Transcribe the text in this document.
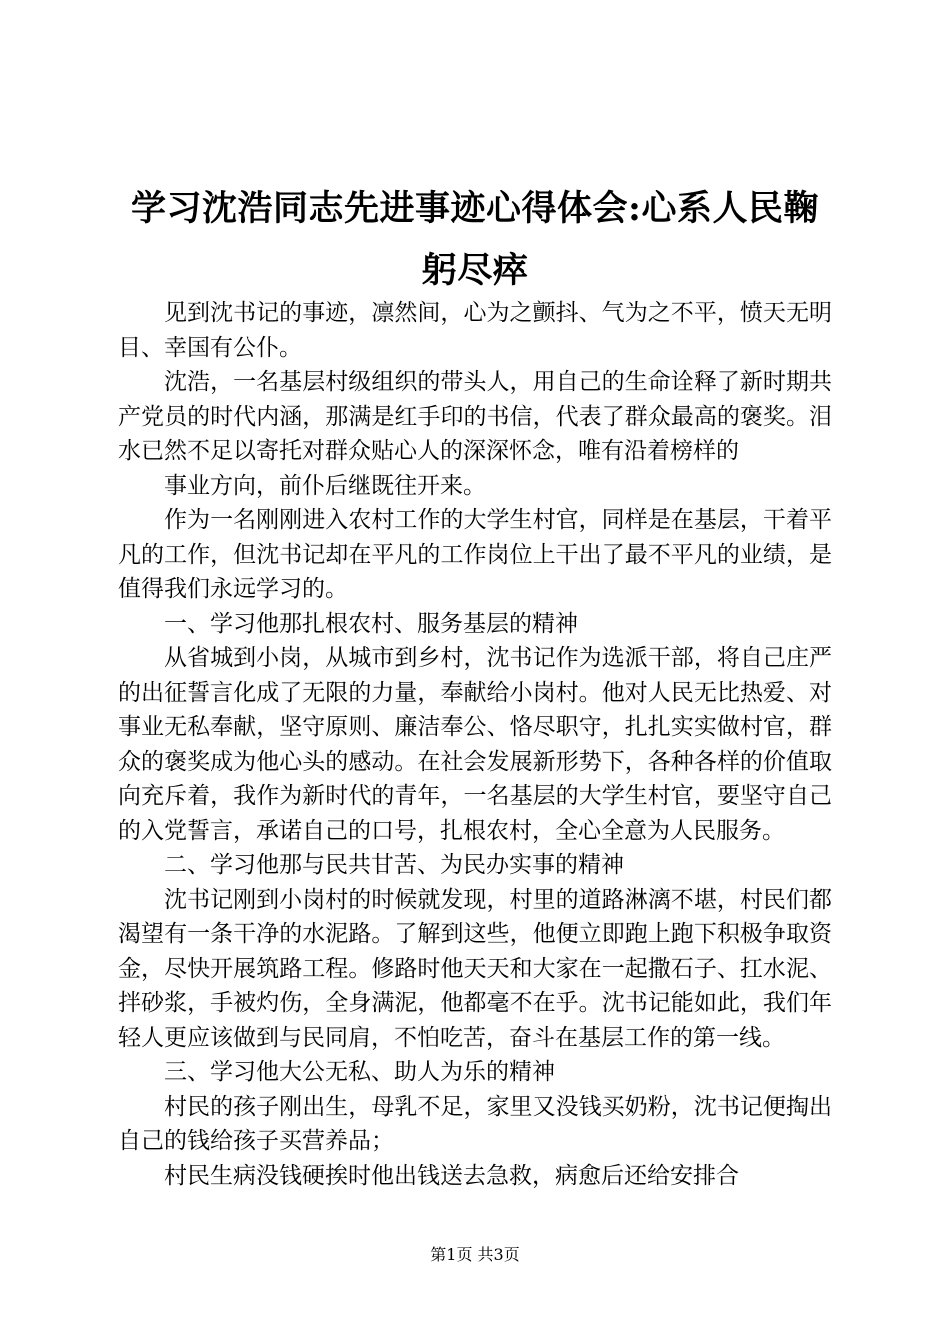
学习沈浩同志先进事迹心得体会:心系人民鞠躬尽瘁

见到沈书记的事迹，凛然间，心为之颤抖、气为之不平，愤天无明目、幸国有公仆。

沈浩，一名基层村级组织的带头人，用自己的生命诠释了新时期共产党员的时代内涵，那满是红手印的书信，代表了群众最高的褒奖。泪水已然不足以寄托对群众贴心人的深深怀念，唯有沿着榜样的

事业方向，前仆后继既往开来。

作为一名刚刚进入农村工作的大学生村官，同样是在基层，干着平凡的工作，但沈书记却在平凡的工作岗位上干出了最不平凡的业绩，是值得我们永远学习的。

一、学习他那扎根农村、服务基层的精神

从省城到小岗，从城市到乡村，沈书记作为选派干部，将自己庄严的出征誓言化成了无限的力量，奉献给小岗村。他对人民无比热爱、对事业无私奉献，坚守原则、廉洁奉公、恪尽职守，扎扎实实做村官，群众的褒奖成为他心头的感动。在社会发展新形势下，各种各样的价值取向充斥着，我作为新时代的青年，一名基层的大学生村官，要坚守自己的入党誓言，承诺自己的口号，扎根农村，全心全意为人民服务。

二、学习他那与民共甘苦、为民办实事的精神

沈书记刚到小岗村的时候就发现，村里的道路淋漓不堪，村民们都渴望有一条干净的水泥路。了解到这些，他便立即跑上跑下积极争取资金，尽快开展筑路工程。修路时他天天和大家在一起撒石子、扛水泥、拌砂浆，手被灼伤，全身满泥，他都毫不在乎。沈书记能如此，我们年轻人更应该做到与民同肩，不怕吃苦，奋斗在基层工作的第一线。

三、学习他大公无私、助人为乐的精神

村民的孩子刚出生，母乳不足，家里又没钱买奶粉，沈书记便掏出自己的钱给孩子买营养品；

村民生病没钱硬挨时他出钱送去急救，病愈后还给安排合

第1页 共3页
